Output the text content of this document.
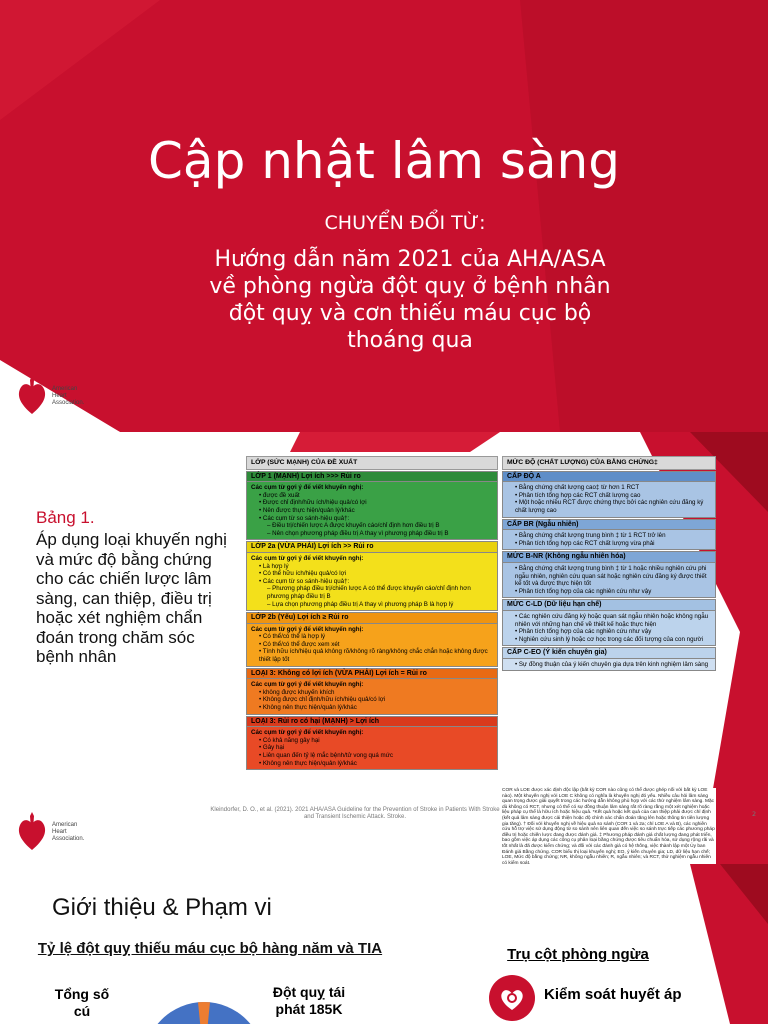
Cập nhật lâm sàng
CHUYỂN ĐỔI TỪ:
Hướng dẫn năm 2021 của AHA/ASA về phòng ngừa đột quỵ ở bệnh nhân đột quỵ và cơn thiếu máu cục bộ thoáng qua
American
Heart
Association.
Bảng 1.
Áp dụng loại khuyến nghị và mức độ bằng chứng cho các chiến lược lâm sàng, can thiệp, điều trị hoặc xét nghiệm chẩn đoán trong chăm sóc bệnh nhân
LỚP (SỨC MẠNH) CỦA ĐỀ XUẤT
LỚP 1 (MẠNH) Lợi ích >>> Rủi ro
Các cụm từ gợi ý để viết khuyến nghị:
• được đề xuất
• Được chỉ định/hữu ích/hiệu quả/có lợi
• Nên được thực hiện/quản lý/khác
• Các cụm từ so sánh-hiệu quả†:
– Điều trị/chiến lược A được khuyến cáo/chỉ định hơn điều trị B
– Nên chọn phương pháp điều trị A thay vì phương pháp điều trị B
LỚP 2a (VỪA PHẢI) Lợi ích >> Rủi ro
Các cụm từ gợi ý để viết khuyến nghị:
• Là hợp lý
• Có thể hữu ích/hiệu quả/có lợi
• Các cụm từ so sánh-hiệu quả†:
– Phương pháp điều trị/chiến lược A có thể được khuyến cáo/chỉ định hơn phương pháp điều trị B
– Lựa chọn phương pháp điều trị A thay vì phương pháp B là hợp lý
LỚP 2b (Yếu) Lợi ích ≥ Rủi ro
Các cụm từ gợi ý để viết khuyến nghị:
• Có thể/có thể là hợp lý
• Có thể/có thể được xem xét
• Tính hữu ích/hiệu quả không rõ/không rõ ràng/không chắc chắn hoặc không được thiết lập tốt
LOẠI 3: Không có lợi ích (VỪA PHẢI) Lợi ích = Rủi ro
Các cụm từ gợi ý để viết khuyến nghị:
• không được khuyến khích
• Không được chỉ định/hữu ích/hiệu quả/có lợi
• Không nên thực hiện/quản lý/khác
LOẠI 3: Rủi ro có hại (MẠNH) > Lợi ích
Các cụm từ gợi ý để viết khuyến nghị:
• Có khả năng gây hại
• Gây hại
• Liên quan đến tỷ lệ mắc bệnh/tử vong quá mức
• Không nên thực hiện/quản lý/khác
MỨC ĐỘ (CHẤT LƯỢNG) CỦA BẰNG CHỨNG‡
CẤP ĐỘ A
• Bằng chứng chất lượng cao‡ từ hơn 1 RCT
• Phân tích tổng hợp các RCT chất lượng cao
• Một hoặc nhiều RCT được chứng thực bởi các nghiên cứu đăng ký chất lượng cao
CẤP BR (Ngẫu nhiên)
• Bằng chứng chất lượng trung bình ‡ từ 1 RCT trở lên
• Phân tích tổng hợp các RCT chất lượng vừa phải
MỨC B-NR (Không ngẫu nhiên hóa)
• Bằng chứng chất lượng trung bình ‡ từ 1 hoặc nhiều nghiên cứu phi ngẫu nhiên, nghiên cứu quan sát hoặc nghiên cứu đăng ký được thiết kế tốt và được thực hiện tốt
• Phân tích tổng hợp của các nghiên cứu như vậy
MỨC C-LD (Dữ liệu hạn chế)
• Các nghiên cứu đăng ký hoặc quan sát ngẫu nhiên hoặc không ngẫu nhiên với những hạn chế về thiết kế hoặc thực hiện
• Phân tích tổng hợp của các nghiên cứu như vậy
• Nghiên cứu sinh lý hoặc cơ học trong các đối tượng của con người
CẤP C-EO (Ý kiến chuyên gia)
• Sự đồng thuận của ý kiến chuyên gia dựa trên kinh nghiệm lâm sàng
COR và LOE được xác định độc lập (bất kỳ COR nào cũng có thể được ghép nối với bất kỳ LOE nào). Một khuyến nghị với LOE C không có nghĩa là khuyến nghị đó yếu. Nhiều câu hỏi lâm sàng quan trọng được giải quyết trong các hướng dẫn không phù hợp với các thử nghiệm lâm sàng. Mặc dù không có RCT, nhưng có thể có sự đồng thuận lâm sàng rất rõ ràng rằng một xét nghiệm hoặc liệu pháp cụ thể là hữu ích hoặc hiệu quả. *Kết quả hoặc kết quả của can thiệp phải được chỉ định (kết quả lâm sàng được cải thiện hoặc độ chính xác chẩn đoán tăng lên hoặc thông tin tiên lượng gia tăng). † Đối với khuyến nghị về hiệu quả so sánh (COR 1 và 2a; chỉ LOE A và B), các nghiên cứu hỗ trợ việc sử dụng động từ so sánh nên liên quan đến việc so sánh trực tiếp các phương pháp điều trị hoặc chiến lược đang được đánh giá. ‡ Phương pháp đánh giá chất lượng đang phát triển, bao gồm việc áp dụng các công cụ phân loại bằng chứng được tiêu chuẩn hóa, sử dụng rộng rãi và tốt nhất là đã được kiểm chứng; và đối với các đánh giá có hệ thống, việc thành lập một Ủy ban Đánh giá Bằng chứng. COR biểu thị loại khuyến nghị; EO, ý kiến chuyên gia; LD, dữ liệu hạn chế; LOE, Mức độ bằng chứng; NR, không ngẫu nhiên; R, ngẫu nhiên; và RCT, thử nghiệm ngẫu nhiên có kiểm soát.
Kleindorfer, D. O., et al. (2021). 2021 AHA/ASA Guideline for the Prevention of Stroke in Patients With Stroke and Transient Ischemic Attack. Stroke.	2
American
Heart
Association.
Giới thiệu & Phạm vi
Tỷ lệ đột quỵ thiếu máu cục bộ hàng năm và TIA
Tổng số cú
Đột quỵ tái phát 185K
Trụ cột phòng ngừa
Kiểm soát huyết áp
